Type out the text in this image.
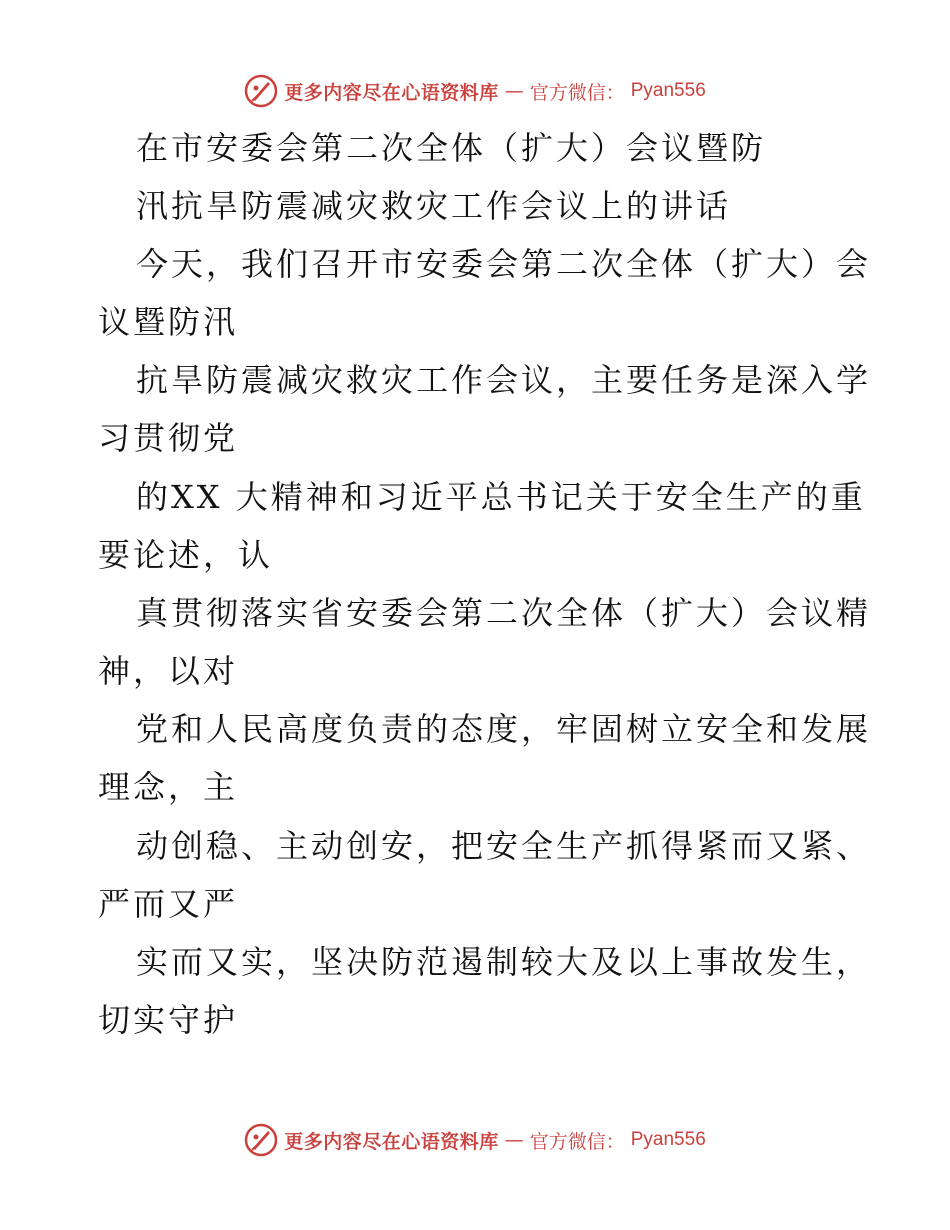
更多内容尽在心语资料库 — 官方微信： Pyan556
在市安委会第二次全体（扩大）会议暨防
汛抗旱防震减灾救灾工作会议上的讲话
今天，我们召开市安委会第二次全体（扩大）会
议暨防汛
抗旱防震减灾救灾工作会议，主要任务是深入学
习贯彻党
的XX 大精神和习近平总书记关于安全生产的重
要论述，认
真贯彻落实省安委会第二次全体（扩大）会议精
神，以对
党和人民高度负责的态度，牢固树立安全和发展
理念，主
动创稳、主动创安，把安全生产抓得紧而又紧、
严而又严
实而又实，坚决防范遏制较大及以上事故发生，
切实守护
更多内容尽在心语资料库 — 官方微信： Pyan556
